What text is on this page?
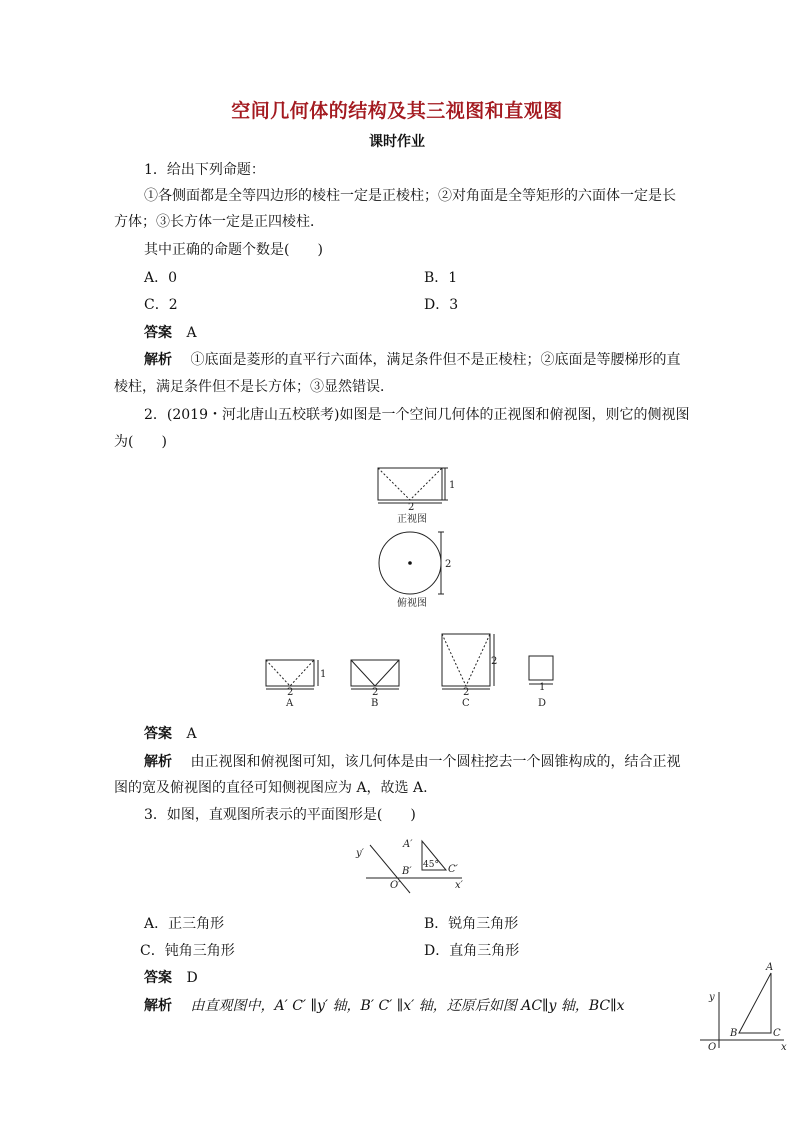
空间几何体的结构及其三视图和直观图
课时作业
1．给出下列命题：
①各侧面都是全等四边形的棱柱一定是正棱柱；②对角面是全等矩形的六面体一定是长
方体；③长方体一定是正四棱柱．
其中正确的命题个数是(　　)
A．0	B．1
C．2	D．3
答案 A
解析 ①底面是菱形的直平行六面体，满足条件但不是正棱柱；②底面是等腰梯形的直
棱柱，满足条件但不是长方体；③显然错误．
2．(2019・河北唐山五校联考)如图是一个空间几何体的正视图和俯视图，则它的侧视图
为(　　)
2
1
正视图
2
俯视图
2
1
2	2
2
1
A	B	C	D
A′
B′	C′
O′	x′
y′
45°
A
B	C
O	x
y
答案 A
解析 由正视图和俯视图可知，该几何体是由一个圆柱挖去一个圆锥构成的，结合正视
图的宽及俯视图的直径可知侧视图应为 A，故选 A.
3．如图，直观图所表示的平面图形是(　　)
A．正三角形	B．锐角三角形
C．钝角三角形	D．直角三角形
答案 D
解析 由直观图中，A′ C′ ∥y′ 轴，B′ C′ ∥x′ 轴，还原后如图 AC∥y 轴，BC∥x
